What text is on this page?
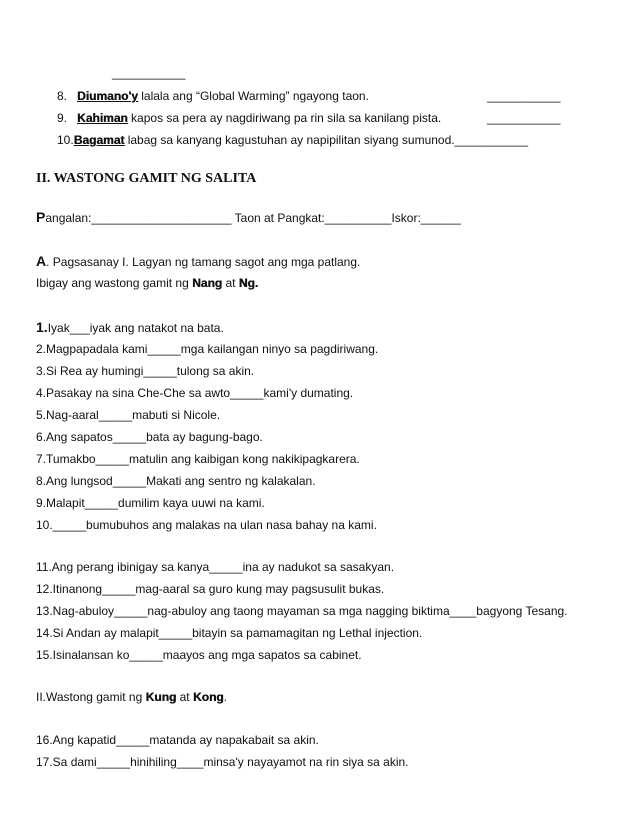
___________
8. Diumano'y lalala ang “Global Warming” ngayong taon.	___________
9. Kahiman kapos sa pera ay nagdiriwang pa rin sila sa kanilang pista.	___________
10.Bagamat labag sa kanyang kagustuhan ay napipilitan siyang sumunod.___________
II. WASTONG GAMIT NG SALITA
Pangalan:_____________________ Taon at Pangkat:__________Iskor:______
A. Pagsasanay I. Lagyan ng tamang sagot ang mga patlang.
Ibigay ang wastong gamit ng Nang at Ng.
1.Iyak___iyak ang natakot na bata.
2.Magpapadala kami_____mga kailangan ninyo sa pagdiriwang.
3.Si Rea ay humingi_____tulong sa akin.
4.Pasakay na sina Che-Che sa awto_____kami'y dumating.
5.Nag-aaral_____mabuti si Nicole.
6.Ang sapatos_____bata ay bagung-bago.
7.Tumakbo_____matulin ang kaibigan kong nakikipagkarera.
8.Ang lungsod_____Makati ang sentro ng kalakalan.
9.Malapit_____dumilim kaya uuwi na kami.
10._____bumubuhos ang malakas na ulan nasa bahay na kami.
11.Ang perang ibinigay sa kanya_____ina ay nadukot sa sasakyan.
12.Itinanong_____mag-aaral sa guro kung may pagsusulit bukas.
13.Nag-abuloy_____nag-abuloy ang taong mayaman sa mga nagging biktima____bagyong Tesang.
14.Si Andan ay malapit_____bitayin sa pamamagitan ng Lethal injection.
15.Isinalansan ko_____maayos ang mga sapatos sa cabinet.
II.Wastong gamit ng Kung at Kong.
16.Ang kapatid_____matanda ay napakabait sa akin.
17.Sa dami_____hinihiling____minsa'y nayayamot na rin siya sa akin.
